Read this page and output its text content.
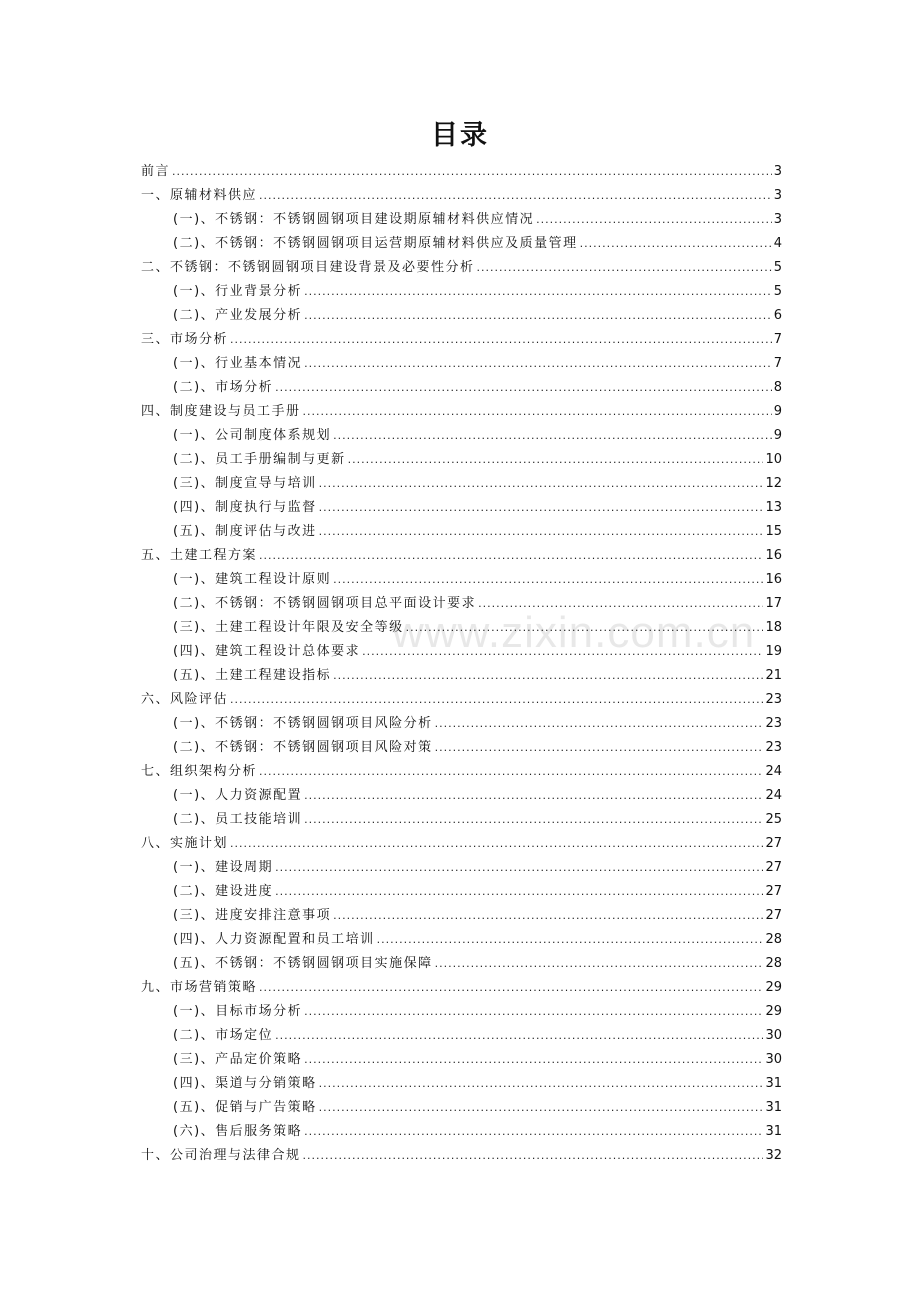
目录
前言 .....	3
一、原辅材料供应 .....	3
(一)、不锈钢：不锈钢圆钢项目建设期原辅材料供应情况 .....	3
(二)、不锈钢：不锈钢圆钢项目运营期原辅材料供应及质量管理 .....	4
二、不锈钢：不锈钢圆钢项目建设背景及必要性分析 .....	5
(一)、行业背景分析 .....	5
(二)、产业发展分析 .....	6
三、市场分析 .....	7
(一)、行业基本情况 .....	7
(二)、市场分析 .....	8
四、制度建设与员工手册 .....	9
(一)、公司制度体系规划 .....	9
(二)、员工手册编制与更新 .....	10
(三)、制度宣导与培训 .....	12
(四)、制度执行与监督 .....	13
(五)、制度评估与改进 .....	15
五、土建工程方案 .....	16
(一)、建筑工程设计原则 .....	16
(二)、不锈钢：不锈钢圆钢项目总平面设计要求 .....	17
(三)、土建工程设计年限及安全等级 .....	18
(四)、建筑工程设计总体要求 .....	19
(五)、土建工程建设指标 .....	21
六、风险评估 .....	23
(一)、不锈钢：不锈钢圆钢项目风险分析 .....	23
(二)、不锈钢：不锈钢圆钢项目风险对策 .....	23
七、组织架构分析 .....	24
(一)、人力资源配置 .....	24
(二)、员工技能培训 .....	25
八、实施计划 .....	27
(一)、建设周期 .....	27
(二)、建设进度 .....	27
(三)、进度安排注意事项 .....	27
(四)、人力资源配置和员工培训 .....	28
(五)、不锈钢：不锈钢圆钢项目实施保障 .....	28
九、市场营销策略 .....	29
(一)、目标市场分析 .....	29
(二)、市场定位 .....	30
(三)、产品定价策略 .....	30
(四)、渠道与分销策略 .....	31
(五)、促销与广告策略 .....	31
(六)、售后服务策略 .....	31
十、公司治理与法律合规 .....	32
www.zixin.com.cn
